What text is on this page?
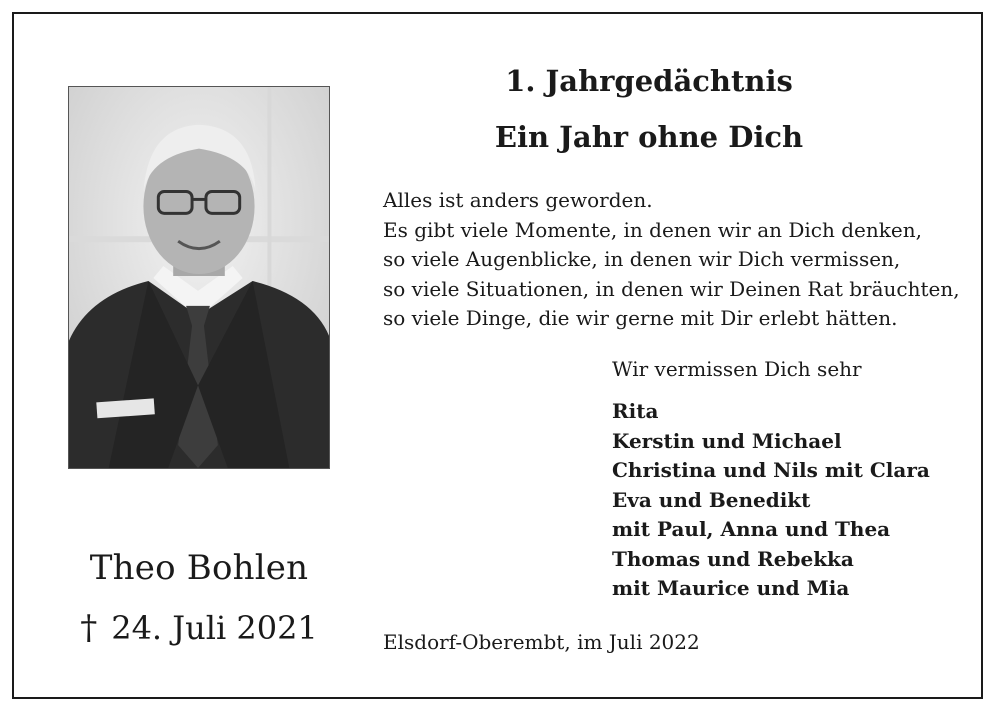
1. Jahrgedächtnis
Ein Jahr ohne Dich
Alles ist anders geworden.
Es gibt viele Momente, in denen wir an Dich denken,
so viele Augenblicke, in denen wir Dich vermissen,
so viele Situationen, in denen wir Deinen Rat bräuchten,
so viele Dinge, die wir gerne mit Dir erlebt hätten.
Wir vermissen Dich sehr
Rita
Kerstin und Michael
Christina und Nils mit Clara
Eva und Benedikt
mit Paul, Anna und Thea
Thomas und Rebekka
mit Maurice und Mia
Theo Bohlen
† 24. Juli 2021	Elsdorf-Oberembt, im Juli 2022
